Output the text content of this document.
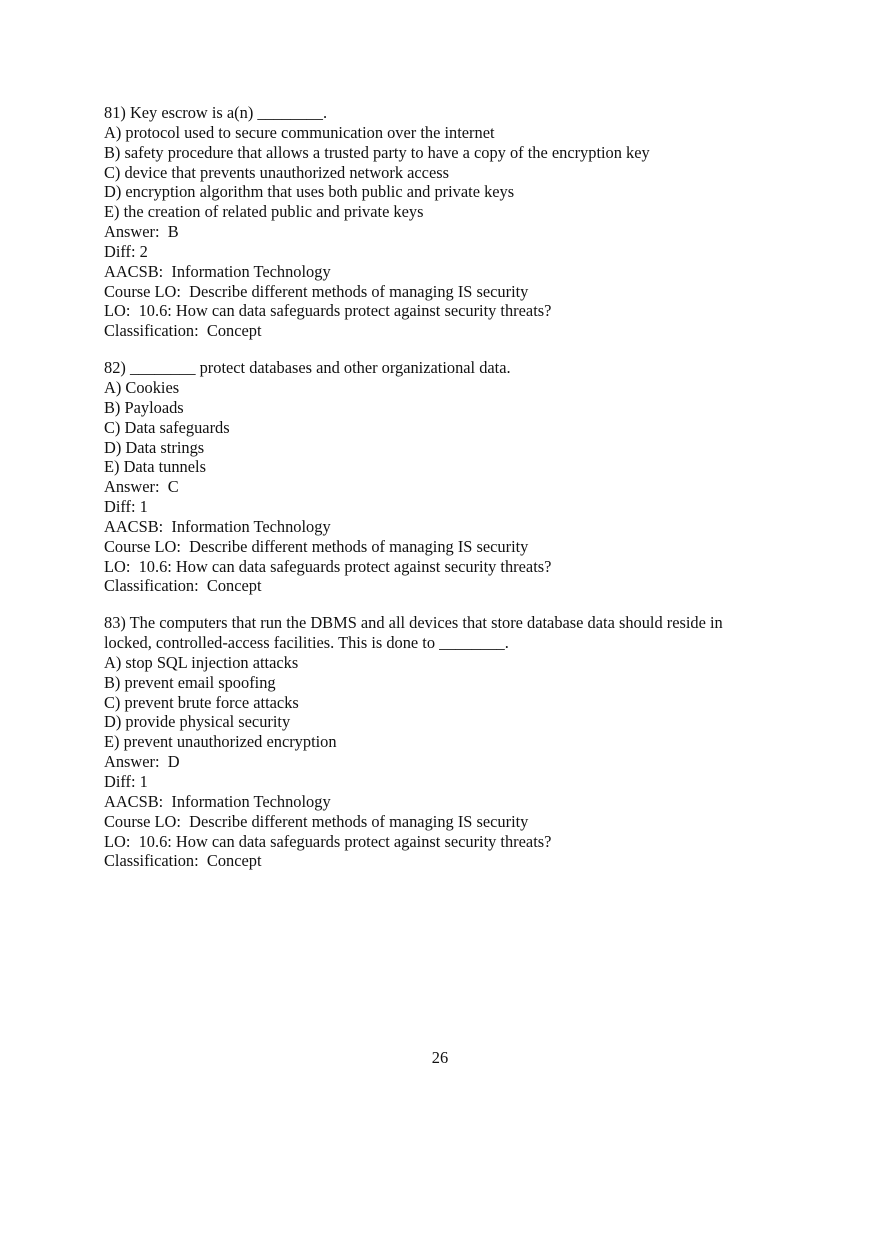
81) Key escrow is a(n) ________.
A) protocol used to secure communication over the internet
B) safety procedure that allows a trusted party to have a copy of the encryption key
C) device that prevents unauthorized network access
D) encryption algorithm that uses both public and private keys
E) the creation of related public and private keys
Answer:  B
Diff: 2
AACSB:  Information Technology
Course LO:  Describe different methods of managing IS security
LO:  10.6: How can data safeguards protect against security threats?
Classification:  Concept
82) ________ protect databases and other organizational data.
A) Cookies
B) Payloads
C) Data safeguards
D) Data strings
E) Data tunnels
Answer:  C
Diff: 1
AACSB:  Information Technology
Course LO:  Describe different methods of managing IS security
LO:  10.6: How can data safeguards protect against security threats?
Classification:  Concept
83) The computers that run the DBMS and all devices that store database data should reside in locked, controlled-access facilities. This is done to ________.
A) stop SQL injection attacks
B) prevent email spoofing
C) prevent brute force attacks
D) provide physical security
E) prevent unauthorized encryption
Answer:  D
Diff: 1
AACSB:  Information Technology
Course LO:  Describe different methods of managing IS security
LO:  10.6: How can data safeguards protect against security threats?
Classification:  Concept
26
